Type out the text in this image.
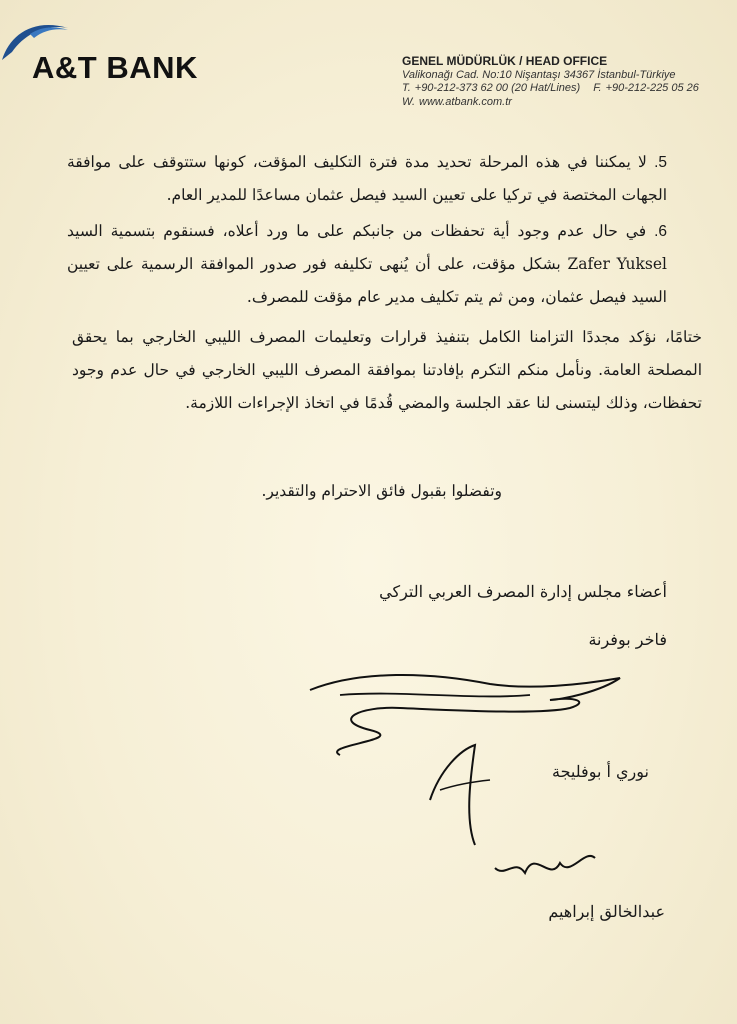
A&T BANK	GENEL MÜDÜRLÜK / HEAD OFFICE
Valikonağı Cad. No:10 Nişantaşı 34367 İstanbul-Türkiye
T. +90-212-373 62 00 (20 Hat/Lines) F. +90-212-225 05 26
W. www.atbank.com.tr
5. لا يمكننا في هذه المرحلة تحديد مدة فترة التكليف المؤقت، كونها ستتوقف على موافقة الجهات المختصة في تركيا على تعيين السيد فيصل عثمان مساعدًا للمدير العام.
6. في حال عدم وجود أية تحفظات من جانبكم على ما ورد أعلاه، فسنقوم بتسمية السيد Zafer Yuksel بشكل مؤقت، على أن يُنهى تكليفه فور صدور الموافقة الرسمية على تعيين السيد فيصل عثمان، ومن ثم يتم تكليف مدير عام مؤقت للمصرف.
ختامًا، نؤكد مجددًا التزامنا الكامل بتنفيذ قرارات وتعليمات المصرف الليبي الخارجي بما يحقق المصلحة العامة. ونأمل منكم التكرم بإفادتنا بموافقة المصرف الليبي الخارجي في حال عدم وجود تحفظات، وذلك ليتسنى لنا عقد الجلسة والمضي قُدمًا في اتخاذ الإجراءات اللازمة.
وتفضلوا بقبول فائق الاحترام والتقدير.
أعضاء مجلس إدارة المصرف العربي التركي
فاخر بوفرنة
نوري أ بوفليجة
عبدالخالق إبراهيم
